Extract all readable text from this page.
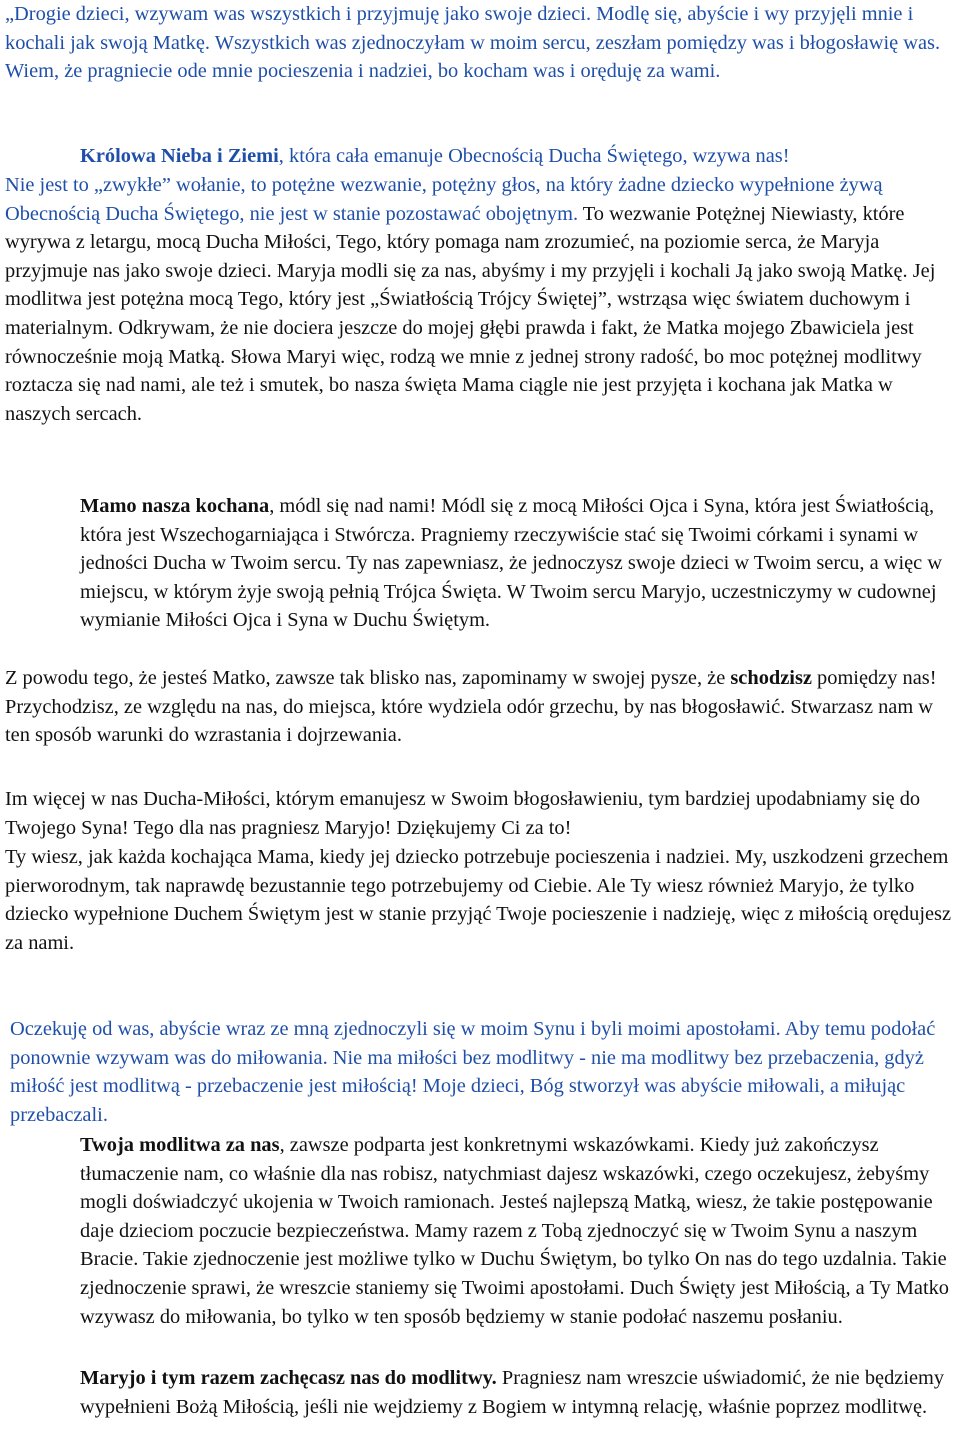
„Drogie dzieci, wzywam was wszystkich i przyjmuję jako swoje dzieci. Modlę się, abyście i wy przyjęli mnie i kochali jak swoją Matkę. Wszystkich was zjednoczyłam w moim sercu, zeszłam pomiędzy was i błogosławię was. Wiem, że pragniecie ode mnie pocieszenia i nadziei, bo kocham was i oręduję za wami.

Królowa Nieba i Ziemi, która cała emanuje Obecnością Ducha Świętego, wzywa nas!

Nie jest to „zwykłe” wołanie, to potężne wezwanie, potężny głos, na który żadne dziecko wypełnione żywą Obecnością Ducha Świętego, nie jest w stanie pozostawać obojętnym. To wezwanie Potężnej Niewiasty, które wyrywa z letargu, mocą Ducha Miłości, Tego, który pomaga nam zrozumieć, na poziomie serca, że Maryja przyjmuje nas jako swoje dzieci. Maryja modli się za nas, abyśmy i my przyjęli i kochali Ją jako swoją Matkę. Jej modlitwa jest potężna mocą Tego, który jest „Światłością Trójcy Świętej”, wstrząsa więc światem duchowym i materialnym. Odkrywam, że nie dociera jeszcze do mojej głębi prawda i fakt, że Matka mojego Zbawiciela jest równocześnie moją Matką. Słowa Maryi więc, rodzą we mnie z jednej strony radość, bo moc potężnej modlitwy roztacza się nad nami, ale też i smutek, bo nasza święta Mama ciągle nie jest przyjęta i kochana jak Matka w naszych sercach.

Mamo nasza kochana, módl się nad nami! Módl się z mocą Miłości Ojca i Syna, która jest Światłością, która jest Wszechogarniająca i Stwórcza. Pragniemy rzeczywiście stać się Twoimi córkami i synami w jedności Ducha w Twoim sercu. Ty nas zapewniasz, że jednoczysz swoje dzieci w Twoim sercu, a więc w miejscu, w którym żyje swoją pełnią Trójca Święta. W Twoim sercu Maryjo, uczestniczymy w cudownej wymianie Miłości Ojca i Syna w Duchu Świętym.

Z powodu tego, że jesteś Matko, zawsze tak blisko nas, zapominamy w swojej pysze, że schodzisz pomiędzy nas! Przychodzisz, ze względu na nas, do miejsca, które wydziela odór grzechu, by nas błogosławić. Stwarzasz nam w ten sposób warunki do wzrastania i dojrzewania.

Im więcej w nas Ducha-Miłości, którym emanujesz w Swoim błogosławieniu, tym bardziej upodabniamy się do Twojego Syna! Tego dla nas pragniesz Maryjo! Dziękujemy Ci za to!

Ty wiesz, jak każda kochająca Mama, kiedy jej dziecko potrzebuje pocieszenia i nadziei. My, uszkodzeni grzechem pierworodnym, tak naprawdę bezustannie tego potrzebujemy od Ciebie. Ale Ty wiesz również Maryjo, że tylko dziecko wypełnione Duchem Świętym jest w stanie przyjąć Twoje pocieszenie i nadzieję, więc z miłością orędujesz za nami.

Oczekuję od was, abyście wraz ze mną zjednoczyli się w moim Synu i byli moimi apostołami. Aby temu podołać ponownie wzywam was do miłowania. Nie ma miłości bez modlitwy - nie ma modlitwy bez przebaczenia, gdyż miłość jest modlitwą - przebaczenie jest miłością! Moje dzieci, Bóg stworzył was abyście miłowali, a miłując przebaczali.

Twoja modlitwa za nas, zawsze podparta jest konkretnymi wskazówkami. Kiedy już zakończysz tłumaczenie nam, co właśnie dla nas robisz, natychmiast dajesz wskazówki, czego oczekujesz, żebyśmy mogli doświadczyć ukojenia w Twoich ramionach. Jesteś najlepszą Matką, wiesz, że takie postępowanie daje dzieciom poczucie bezpieczeństwa. Mamy razem z Tobą zjednoczyć się w Twoim Synu a naszym Bracie. Takie zjednoczenie jest możliwe tylko w Duchu Świętym, bo tylko On nas do tego uzdalnia. Takie zjednoczenie sprawi, że wreszcie staniemy się Twoimi apostołami. Duch Święty jest Miłością, a Ty Matko wzywasz do miłowania, bo tylko w ten sposób będziemy w stanie podołać naszemu posłaniu.

Maryjo i tym razem zachęcasz nas do modlitwy. Pragniesz nam wreszcie uświadomić, że nie będziemy wypełnieni Bożą Miłością, jeśli nie wejdziemy z Bogiem w intymną relację, właśnie poprzez modlitwę.
